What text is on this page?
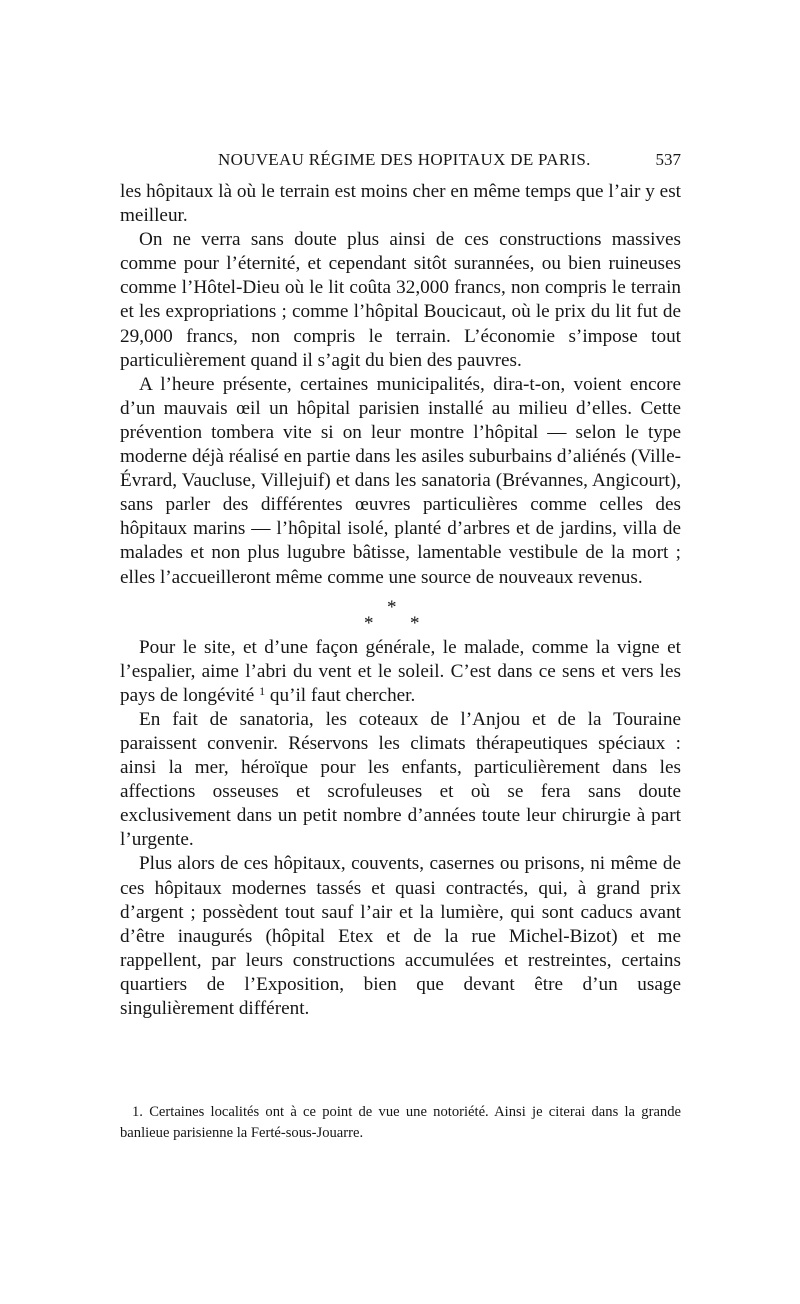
NOUVEAU RÉGIME DES HOPITAUX DE PARIS.	537

les hôpitaux là où le terrain est moins cher en même temps que l’air y est meilleur.

On ne verra sans doute plus ainsi de ces constructions massives comme pour l’éternité, et cependant sitôt surannées, ou bien ruineuses comme l’Hôtel-Dieu où le lit coûta 32,000 francs, non compris le terrain et les expropriations ; comme l’hôpital Boucicaut, où le prix du lit fut de 29,000 francs, non compris le terrain. L’économie s’impose tout particulièrement quand il s’agit du bien des pauvres.

A l’heure présente, certaines municipalités, dira-t-on, voient encore d’un mauvais œil un hôpital parisien installé au milieu d’elles. Cette prévention tombera vite si on leur montre l’hôpital — selon le type moderne déjà réalisé en partie dans les asiles suburbains d’aliénés (Ville-Évrard, Vaucluse, Villejuif) et dans les sanatoria (Brévannes, Angicourt), sans parler des différentes œuvres particulières comme celles des hôpitaux marins — l’hôpital isolé, planté d’arbres et de jardins, villa de malades et non plus lugubre bâtisse, lamentable vestibule de la mort ; elles l’accueilleront même comme une source de nouveaux revenus.

*
* *

Pour le site, et d’une façon générale, le malade, comme la vigne et l’espalier, aime l’abri du vent et le soleil. C’est dans ce sens et vers les pays de longévité $^1$ qu’il faut chercher.

En fait de sanatoria, les coteaux de l’Anjou et de la Touraine paraissent convenir. Réservons les climats thérapeutiques spéciaux : ainsi la mer, héroïque pour les enfants, particulièrement dans les affections osseuses et scrofuleuses et où se fera sans doute exclusivement dans un petit nombre d’années toute leur chirurgie à part l’urgente.

Plus alors de ces hôpitaux, couvents, casernes ou prisons, ni même de ces hôpitaux modernes tassés et quasi contractés, qui, à grand prix d’argent ; possèdent tout sauf l’air et la lumière, qui sont caducs avant d’être inaugurés (hôpital Etex et de la rue Michel-Bizot) et me rappellent, par leurs constructions accumulées et restreintes, certains quartiers de l’Exposition, bien que devant être d’un usage singulièrement différent.

1. Certaines localités ont à ce point de vue une notoriété. Ainsi je citerai dans la grande banlieue parisienne la Ferté-sous-Jouarre.
